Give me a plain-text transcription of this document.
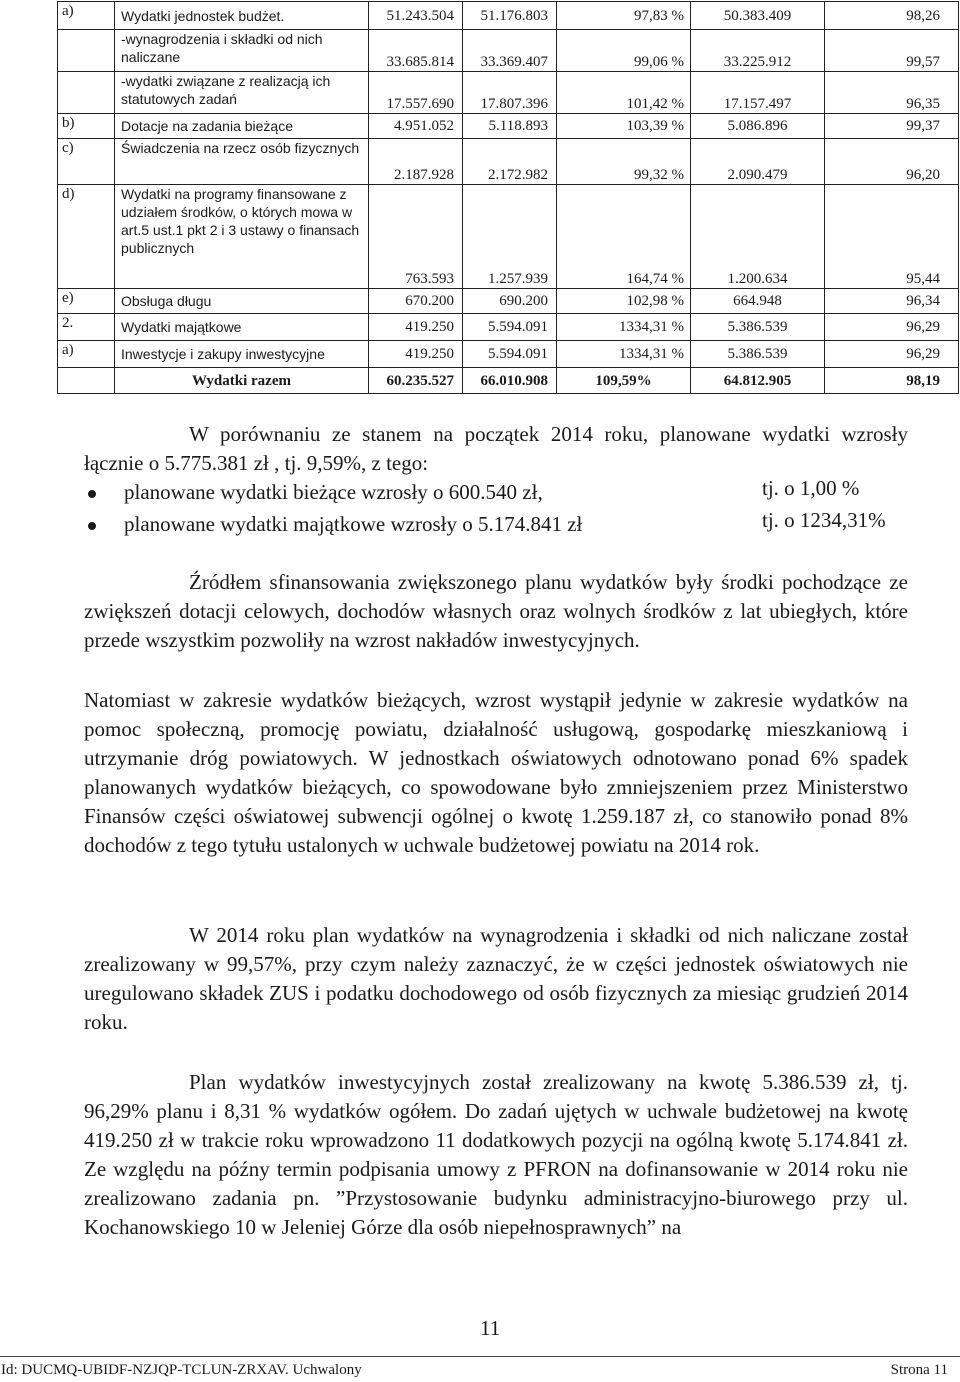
a)	Wydatki jednostek budżet.	51.243.504	51.176.803	97,83 %	50.383.409	98,26
	-wynagrodzenia i składki od nich naliczane	33.685.814	33.369.407	99,06 %	33.225.912	99,57
	-wydatki związane z realizacją ich statutowych zadań	17.557.690	17.807.396	101,42 %	17.157.497	96,35
b)	Dotacje na zadania bieżące	4.951.052	5.118.893	103,39 %	5.086.896	99,37
c)	Świadczenia na rzecz osób fizycznych	2.187.928	2.172.982	99,32 %	2.090.479	96,20
d)	Wydatki na programy finansowane z udziałem środków, o których mowa w art.5 ust.1 pkt 2 i 3 ustawy o finansach publicznych	763.593	1.257.939	164,74 %	1.200.634	95,44
e)	Obsługa długu	670.200	690.200	102,98 %	664.948	96,34
2.	Wydatki majątkowe	419.250	5.594.091	1334,31 %	5.386.539	96,29
a)	Inwestycje i zakupy inwestycyjne	419.250	5.594.091	1334,31 %	5.386.539	96,29
	Wydatki razem	60.235.527	66.010.908	109,59%	64.812.905	98,19
W porównaniu ze stanem na początek 2014 roku, planowane wydatki wzrosły łącznie o 5.775.381 zł , tj. 9,59%, z tego:
planowane wydatki bieżące wzrosły o 600.540 zł,	tj. o 1,00 %
planowane wydatki majątkowe wzrosły o 5.174.841 zł	tj. o 1234,31%
Źródłem sfinansowania zwiększonego planu wydatków były środki pochodzące ze zwiększeń dotacji celowych, dochodów własnych oraz wolnych środków z lat ubiegłych, które przede wszystkim pozwoliły na wzrost nakładów inwestycyjnych.
Natomiast w zakresie wydatków bieżących, wzrost wystąpił jedynie w zakresie wydatków na pomoc społeczną, promocję powiatu, działalność usługową, gospodarkę mieszkaniową i utrzymanie dróg powiatowych. W jednostkach oświatowych odnotowano ponad 6% spadek planowanych wydatków bieżących, co spowodowane było zmniejszeniem przez Ministerstwo Finansów części oświatowej subwencji ogólnej o kwotę 1.259.187 zł, co stanowiło ponad 8% dochodów z tego tytułu ustalonych w uchwale budżetowej powiatu na 2014 rok.
W 2014 roku plan wydatków na wynagrodzenia i składki od nich naliczane został zrealizowany w 99,57%, przy czym należy zaznaczyć, że w części jednostek oświatowych nie uregulowano składek ZUS i podatku dochodowego od osób fizycznych za miesiąc grudzień 2014 roku.
Plan wydatków inwestycyjnych został zrealizowany na kwotę 5.386.539 zł, tj. 96,29% planu i 8,31 % wydatków ogółem. Do zadań ujętych w uchwale budżetowej na kwotę 419.250 zł w trakcie roku wprowadzono 11 dodatkowych pozycji na ogólną kwotę 5.174.841 zł. Ze względu na późny termin podpisania umowy z PFRON na dofinansowanie w 2014 roku nie zrealizowano zadania pn. ”Przystosowanie budynku administracyjno-biurowego przy ul. Kochanowskiego 10 w Jeleniej Górze dla osób niepełnosprawnych” na
11
Id: DUCMQ-UBIDF-NZJQP-TCLUN-ZRXAV. Uchwalony	Strona 11
